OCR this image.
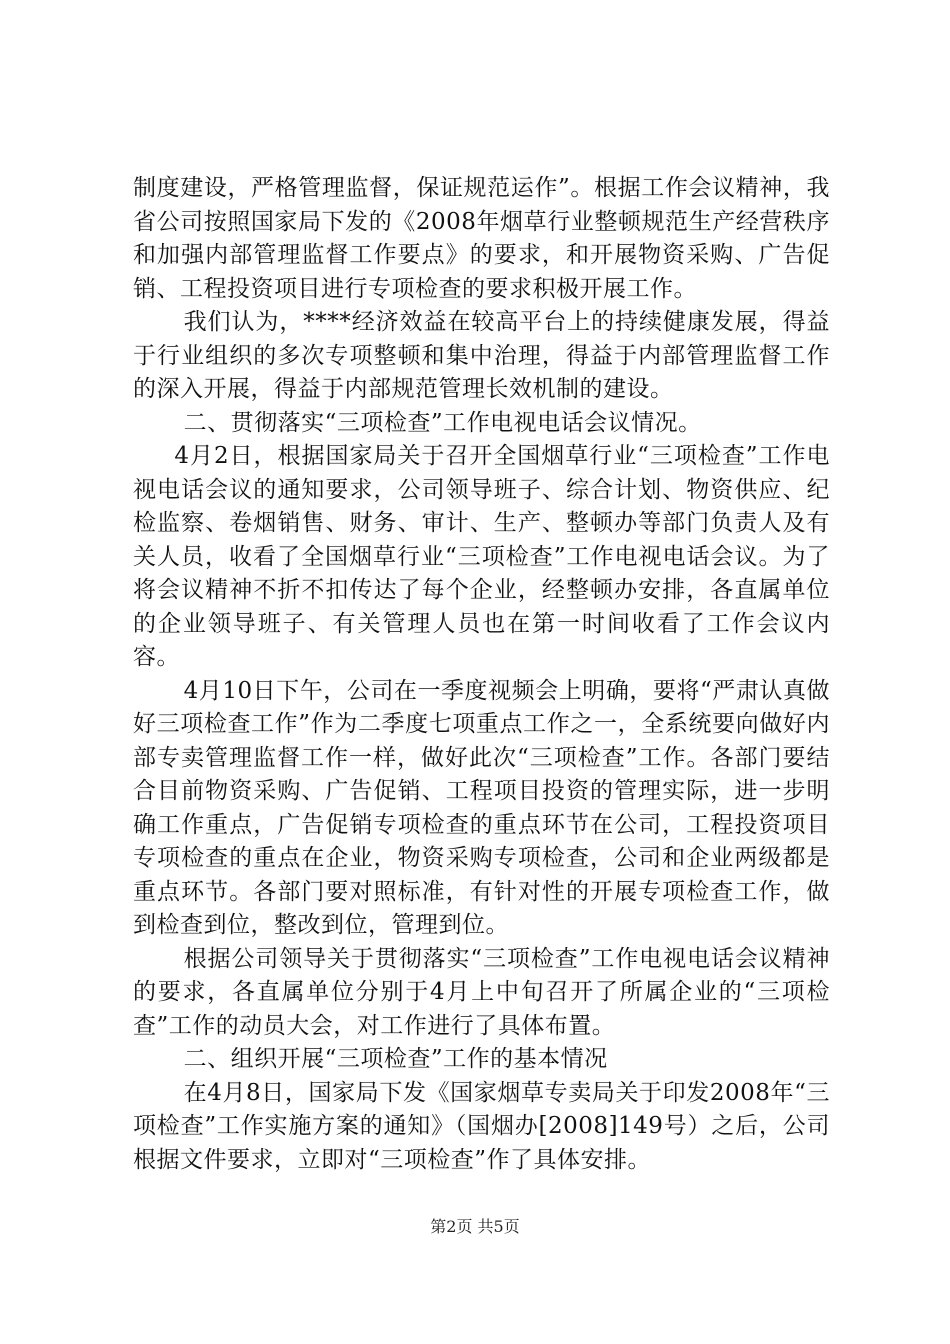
制度建设，严格管理监督，保证规范运作”。根据工作会议精神，我省公司按照国家局下发的《2008年烟草行业整顿规范生产经营秩序和加强内部管理监督工作要点》的要求，和开展物资采购、广告促销、工程投资项目进行专项检查的要求积极开展工作。

我们认为，****经济效益在较高平台上的持续健康发展，得益于行业组织的多次专项整顿和集中治理，得益于内部管理监督工作的深入开展，得益于内部规范管理长效机制的建设。

二、贯彻落实“三项检查”工作电视电话会议情况。

4月2日，根据国家局关于召开全国烟草行业“三项检查”工作电视电话会议的通知要求，公司领导班子、综合计划、物资供应、纪检监察、卷烟销售、财务、审计、生产、整顿办等部门负责人及有关人员，收看了全国烟草行业“三项检查”工作电视电话会议。为了将会议精神不折不扣传达了每个企业，经整顿办安排，各直属单位的企业领导班子、有关管理人员也在第一时间收看了工作会议内容。

4月10日下午，公司在一季度视频会上明确，要将“严肃认真做好三项检查工作”作为二季度七项重点工作之一，全系统要向做好内部专卖管理监督工作一样，做好此次“三项检查”工作。各部门要结合目前物资采购、广告促销、工程项目投资的管理实际，进一步明确工作重点，广告促销专项检查的重点环节在公司，工程投资项目专项检查的重点在企业，物资采购专项检查，公司和企业两级都是重点环节。各部门要对照标准，有针对性的开展专项检查工作，做到检查到位，整改到位，管理到位。

根据公司领导关于贯彻落实“三项检查”工作电视电话会议精神的要求，各直属单位分别于4月上中旬召开了所属企业的“三项检查”工作的动员大会，对工作进行了具体布置。

二、组织开展“三项检查”工作的基本情况

在4月8日，国家局下发《国家烟草专卖局关于印发2008年“三项检查”工作实施方案的通知》（国烟办[2008]149号）之后，公司根据文件要求，立即对“三项检查”作了具体安排。

第2页 共5页
